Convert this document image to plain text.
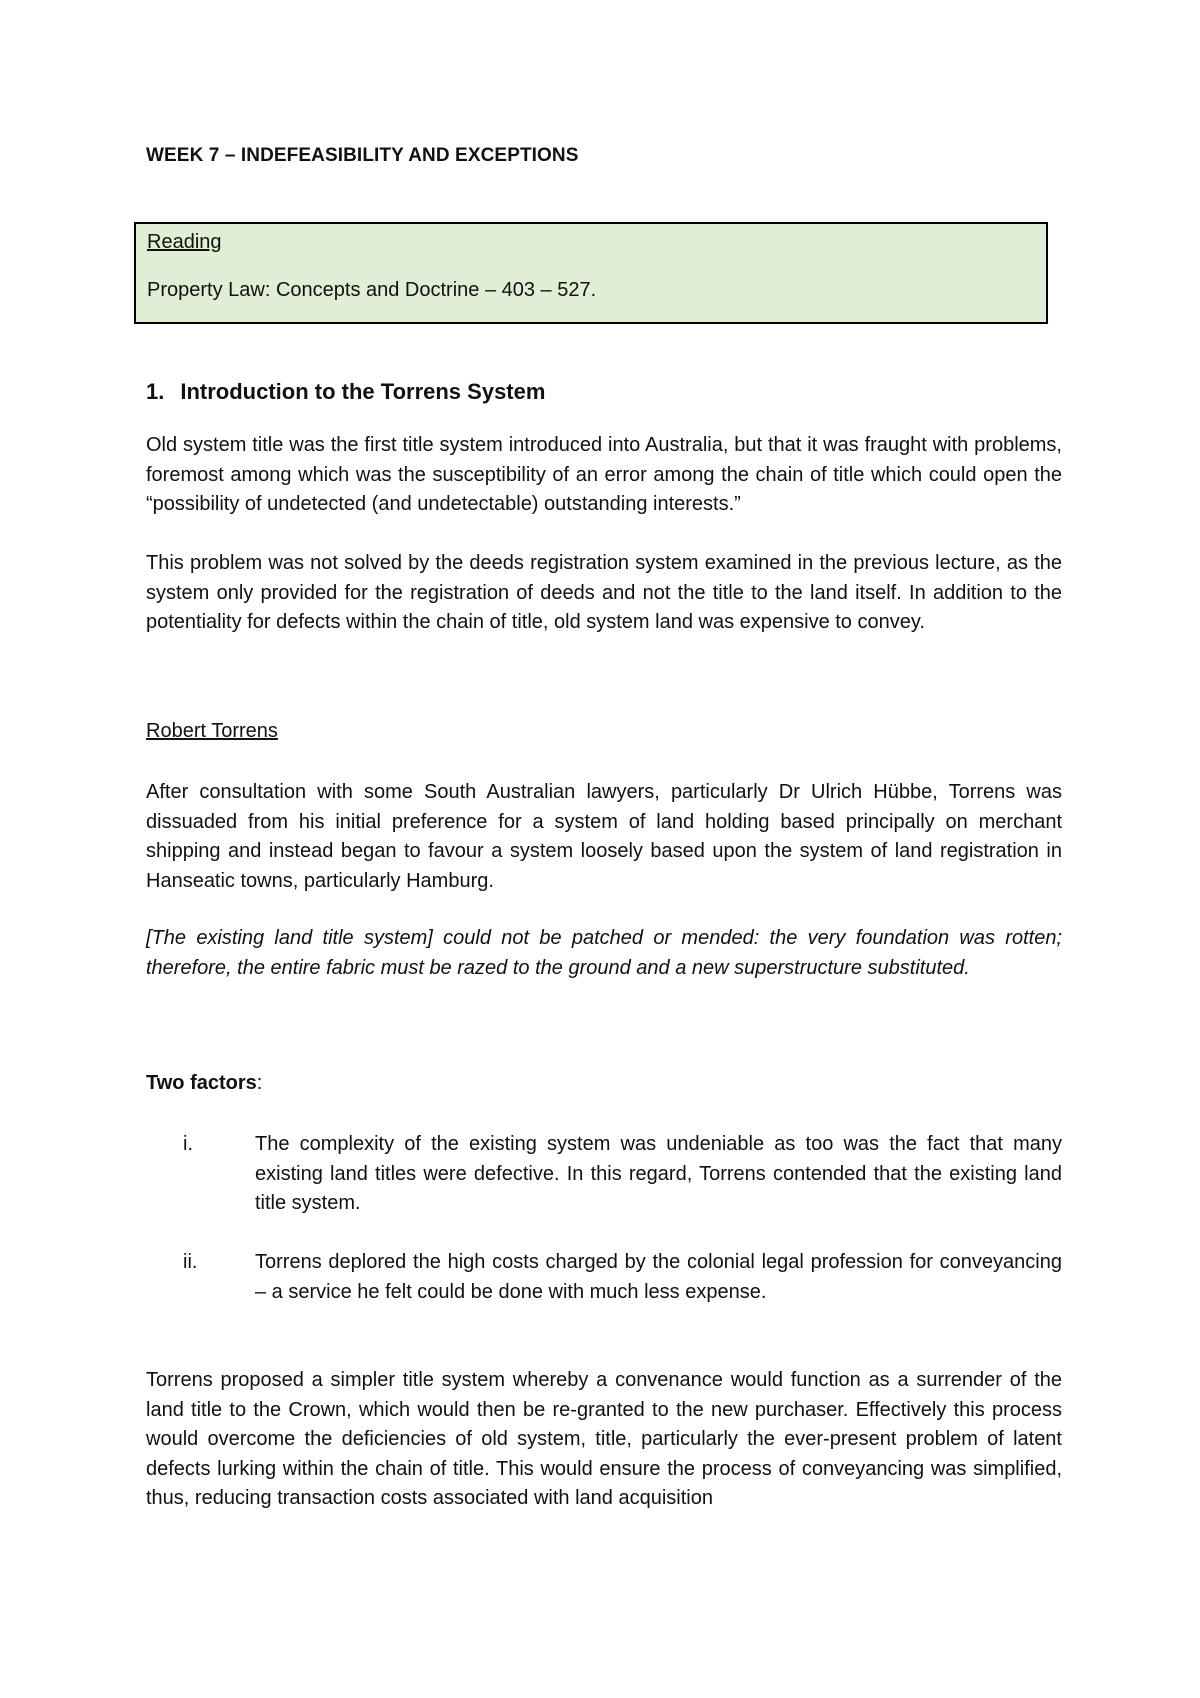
WEEK 7 – INDEFEASIBILITY AND EXCEPTIONS

Reading

Property Law: Concepts and Doctrine – 403 – 527.

1. Introduction to the Torrens System

Old system title was the first title system introduced into Australia, but that it was fraught with problems, foremost among which was the susceptibility of an error among the chain of title which could open the “possibility of undetected (and undetectable) outstanding interests.”

This problem was not solved by the deeds registration system examined in the previous lecture, as the system only provided for the registration of deeds and not the title to the land itself. In addition to the potentiality for defects within the chain of title, old system land was expensive to convey.

Robert Torrens

After consultation with some South Australian lawyers, particularly Dr Ulrich Hübbe, Torrens was dissuaded from his initial preference for a system of land holding based principally on merchant shipping and instead began to favour a system loosely based upon the system of land registration in Hanseatic towns, particularly Hamburg.

[The existing land title system] could not be patched or mended: the very foundation was rotten; therefore, the entire fabric must be razed to the ground and a new superstructure substituted.

Two factors:

i.	The complexity of the existing system was undeniable as too was the fact that many existing land titles were defective. In this regard, Torrens contended that the existing land title system.
ii.	Torrens deplored the high costs charged by the colonial legal profession for conveyancing – a service he felt could be done with much less expense.

Torrens proposed a simpler title system whereby a convenance would function as a surrender of the land title to the Crown, which would then be re-granted to the new purchaser. Effectively this process would overcome the deficiencies of old system, title, particularly the ever-present problem of latent defects lurking within the chain of title. This would ensure the process of conveyancing was simplified, thus, reducing transaction costs associated with land acquisition
